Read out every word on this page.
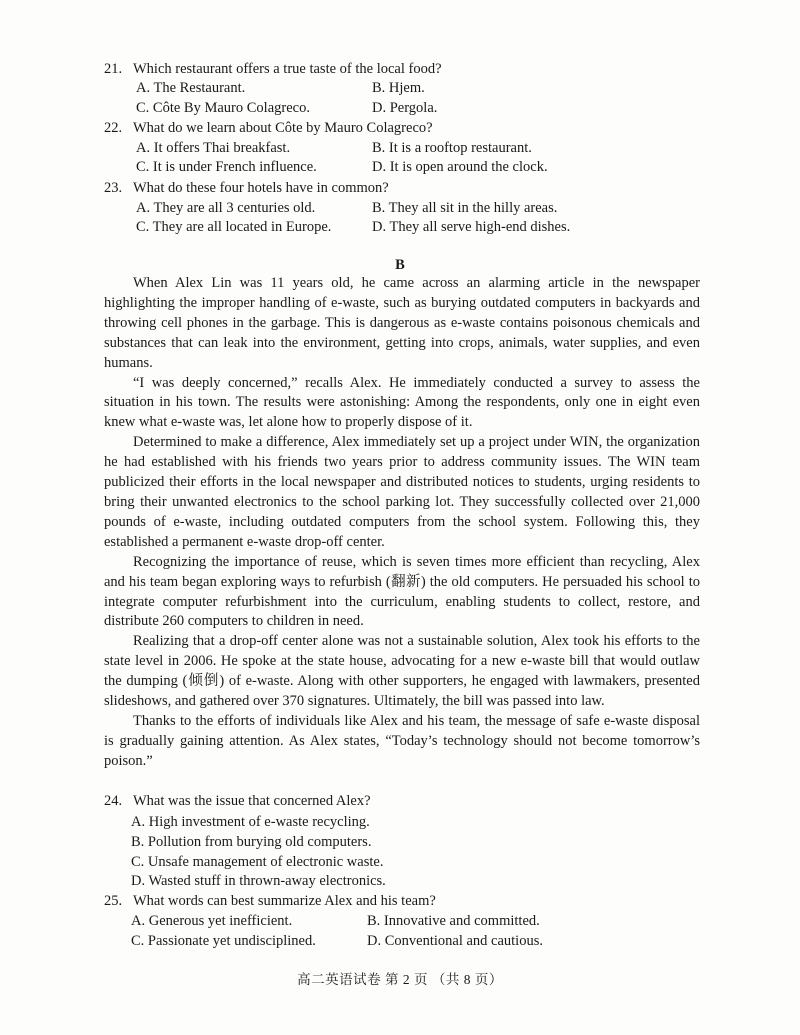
21. Which restaurant offers a true taste of the local food?
A. The Restaurant.	B. Hjem.
C. Côte By Mauro Colagreco.	D. Pergola.
22. What do we learn about Côte by Mauro Colagreco?
A. It offers Thai breakfast.	B. It is a rooftop restaurant.
C. It is under French influence.	D. It is open around the clock.
23. What do these four hotels have in common?
A. They are all 3 centuries old.	B. They all sit in the hilly areas.
C. They are all located in Europe.	D. They all serve high-end dishes.
B

When Alex Lin was 11 years old, he came across an alarming article in the newspaper highlighting the improper handling of e-waste, such as burying outdated computers in backyards and throwing cell phones in the garbage. This is dangerous as e-waste contains poisonous chemicals and substances that can leak into the environment, getting into crops, animals, water supplies, and even humans.

“I was deeply concerned,” recalls Alex. He immediately conducted a survey to assess the situation in his town. The results were astonishing: Among the respondents, only one in eight even knew what e-waste was, let alone how to properly dispose of it.

Determined to make a difference, Alex immediately set up a project under WIN, the organization he had established with his friends two years prior to address community issues. The WIN team publicized their efforts in the local newspaper and distributed notices to students, urging residents to bring their unwanted electronics to the school parking lot. They successfully collected over 21,000 pounds of e-waste, including outdated computers from the school system. Following this, they established a permanent e-waste drop-off center.

Recognizing the importance of reuse, which is seven times more efficient than recycling, Alex and his team began exploring ways to refurbish (翻新) the old computers. He persuaded his school to integrate computer refurbishment into the curriculum, enabling students to collect, restore, and distribute 260 computers to children in need.

Realizing that a drop-off center alone was not a sustainable solution, Alex took his efforts to the state level in 2006. He spoke at the state house, advocating for a new e-waste bill that would outlaw the dumping (倾倒) of e-waste. Along with other supporters, he engaged with lawmakers, presented slideshows, and gathered over 370 signatures. Ultimately, the bill was passed into law.

Thanks to the efforts of individuals like Alex and his team, the message of safe e-waste disposal is gradually gaining attention. As Alex states, “Today’s technology should not become tomorrow’s poison.”

24. What was the issue that concerned Alex?
A. High investment of e-waste recycling.
B. Pollution from burying old computers.
C. Unsafe management of electronic waste.
D. Wasted stuff in thrown-away electronics.
25. What words can best summarize Alex and his team?
A. Generous yet inefficient.	B. Innovative and committed.
C. Passionate yet undisciplined.	D. Conventional and cautious.
高二英语试卷 第 2 页 （共 8 页）
